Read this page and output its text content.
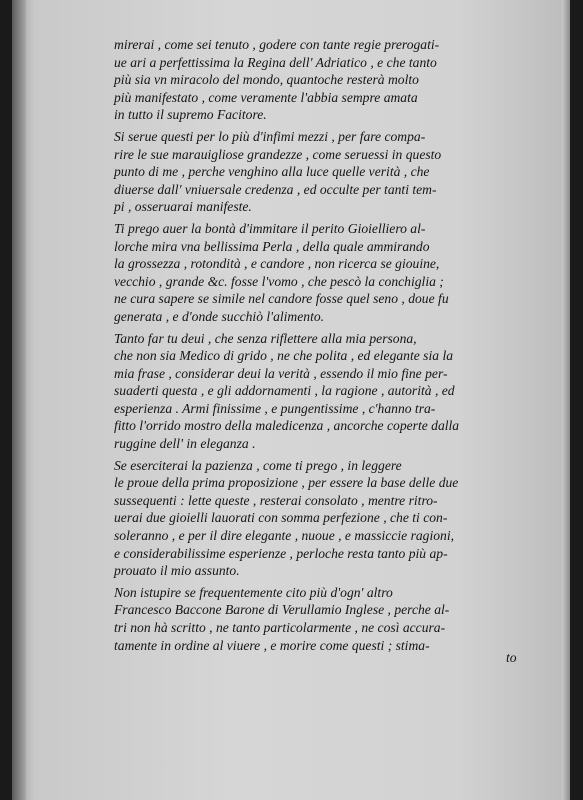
mirerai , come sei tenuto , godere con tante regie prerogati-
ue ari a perfettissima la Regina dell' Adriatico , e che tanto
più sia vn miracolo del mondo, quantoche resterà molto
più manifestato , come veramente l'abbia sempre amata
in tutto il supremo Facitore.
Si serue questi per lo più d'infimi mezzi , per fare compa-
rire le sue marauigliose grandezze , come seruessi in questo
punto di me , perche venghino alla luce quelle verità , che
diuerse dall' vniuersale credenza , ed occulte per tanti tem-
pi , osseruarai manifeste.
Ti prego auer la bontà d'immitare il perito Gioielliero al-
lorche mira vna bellissima Perla , della quale ammirando
la grossezza , rotondità , e candore , non ricerca se giouine,
vecchio , grande &c. fosse l'vomo , che pescò la conchiglia ;
ne cura sapere se simile nel candore fosse quel seno , doue fu
generata , e d'onde succhiò l'alimento.
Tanto far tu deui , che senza riflettere alla mia persona,
che non sia Medico di grido , ne che polita , ed elegante sia la
mia frase , considerar deui la verità , essendo il mio fine per-
suaderti questa , e gli addornamenti , la ragione , autorità , ed
esperienza . Armi finissime , e pungentissime , c'hanno tra-
fitto l'orrido mostro della maledicenza , ancorche coperte dalla
ruggine dell' in eleganza .
Se eserciterai la pazienza , come ti prego , in leggere
le proue della prima proposizione , per essere la base delle due
sussequenti : lette queste , resterai consolato , mentre ritro-
uerai due gioielli lauorati con somma perfezione , che ti con-
soleranno , e per il dire elegante , nuoue , e massiccie ragioni,
e considerabilissime esperienze , perloche resta tanto più ap-
prouato il mio assunto.
Non istupire se frequentemente cito più d'ogn' altro
Francesco Baccone Barone di Verullamio Inglese , perche al-
tri non hà scritto , ne tanto particolarmente , ne così accura-
tamente in ordine al viuere , e morire come questi ; stima-
to
